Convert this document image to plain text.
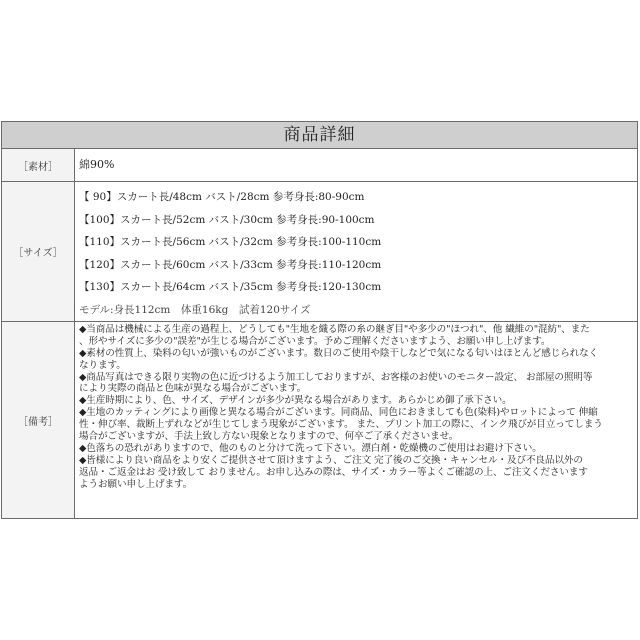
商品詳細
［素材］	綿90%
［サイズ］
【 90】スカート長/48cm バスト/28cm 参考身長:80-90cm
【100】スカート長/52cm バスト/30cm 参考身長:90-100cm
【110】スカート長/56cm バスト/32cm 参考身長:100-110cm
【120】スカート長/60cm バスト/33cm 参考身長:110-120cm
【130】スカート長/64cm バスト/35cm 参考身長:120-130cm
モデル:身長112cm　体重16kg　試着120サイズ
［備考］
◆当商品は機械による生産の過程上、どうしても"生地を織る際の糸の継ぎ目"や多少の"ほつれ"、他 繊維の"混紡"、また
、形やサイズに多少の"誤差"が生じる場合がございます。予めご理解くださいますよう、お願い申し上げます。
◆素材の性質上、染料の匂いが強いものがございます。数日のご使用や陰干しなどで気になる匂いはほとんど感じられなく
なります。
◆商品写真はできる限り実物の色に近づけるよう加工しておりますが、お客様のお使いのモニター設定、 お部屋の照明等
により実際の商品と色味が異なる場合がございます。
◆生産時期により、色、サイズ、デザインが多少が異なる場合があります。あらかじめ御了承下さい。
◆生地のカッティングにより画像と異なる場合がございます。同商品、同色におきましても色(染料)やロットによって 伸縮
性・伸び率、裁断上ずれなどが生じてしまう現象がございます。 また、プリント加工の際に、インク飛びが目立ってしまう
場合がございますが、手法上致し方ない現象となりますので、何卒ご了承くださいませ。
◆色落ちの恐れがありますので、他のものと分けて洗って下さい。漂白剤・乾燥機のご使用はお避け下さい。
◆皆様により良い商品をより安くご提供させて頂けますよう、ご注文 完了後のご交換・キャンセル・及び不良品以外の
返品・ご返金はお 受け致して おりません。お申し込みの際は、サイズ・カラー等よくご確認の上、ご注文くださいます
ようお願い申し上げます。
